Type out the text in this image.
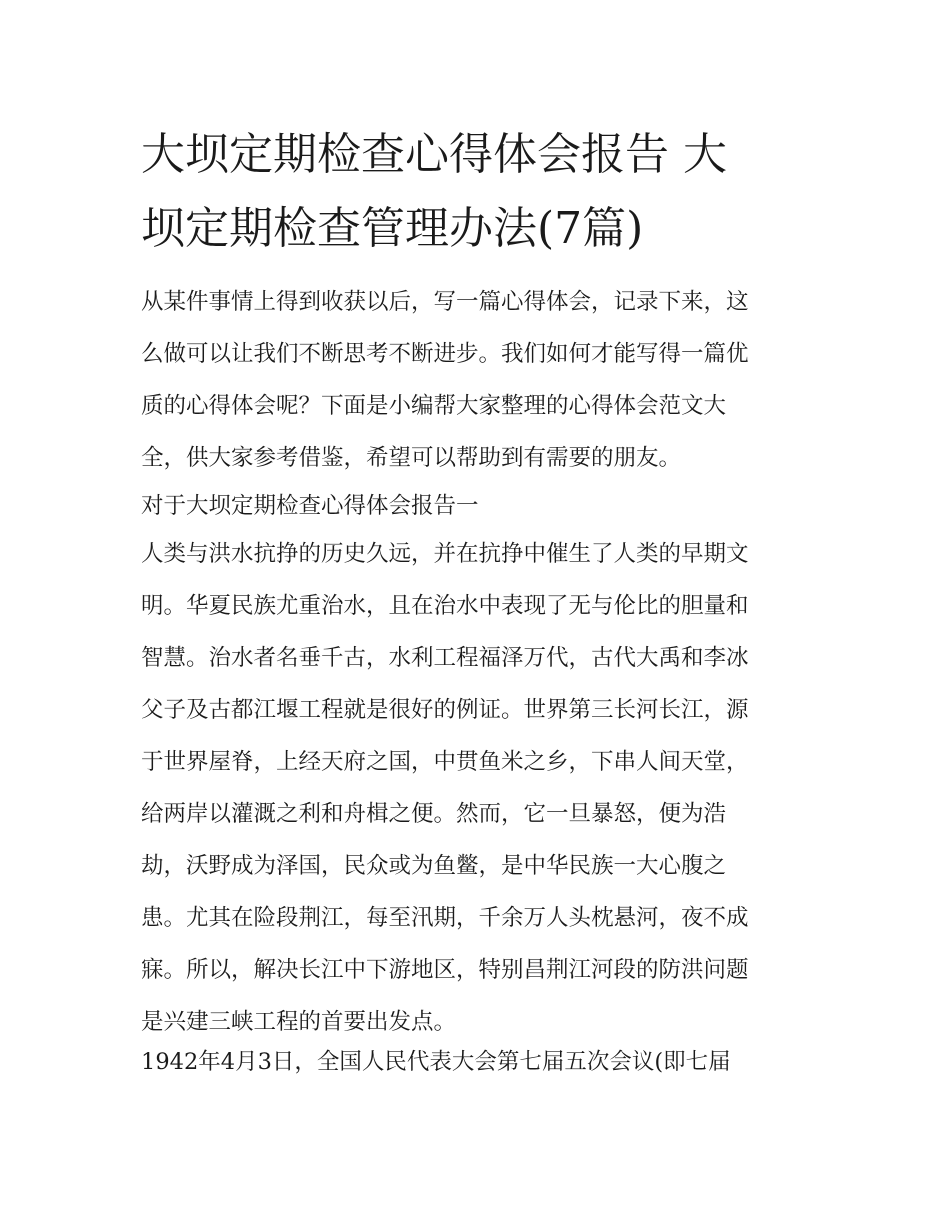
大坝定期检查心得体会报告 大
坝定期检查管理办法(7篇)
从某件事情上得到收获以后，写一篇心得体会，记录下来，这
么做可以让我们不断思考不断进步。我们如何才能写得一篇优
质的心得体会呢？下面是小编帮大家整理的心得体会范文大
全，供大家参考借鉴，希望可以帮助到有需要的朋友。
对于大坝定期检查心得体会报告一
人类与洪水抗挣的历史久远，并在抗挣中催生了人类的早期文
明。华夏民族尤重治水，且在治水中表现了无与伦比的胆量和
智慧。治水者名垂千古，水利工程福泽万代，古代大禹和李冰
父子及古都江堰工程就是很好的例证。世界第三长河长江，源
于世界屋脊，上经天府之国，中贯鱼米之乡，下串人间天堂，
给两岸以灌溉之利和舟楫之便。然而，它一旦暴怒，便为浩
劫，沃野成为泽国，民众或为鱼鳖，是中华民族一大心腹之
患。尤其在险段荆江，每至汛期，千余万人头枕悬河，夜不成
寐。所以，解决长江中下游地区，特别昌荆江河段的防洪问题
是兴建三峡工程的首要出发点。
1942年4月3日，全国人民代表大会第七届五次会议(即七届
